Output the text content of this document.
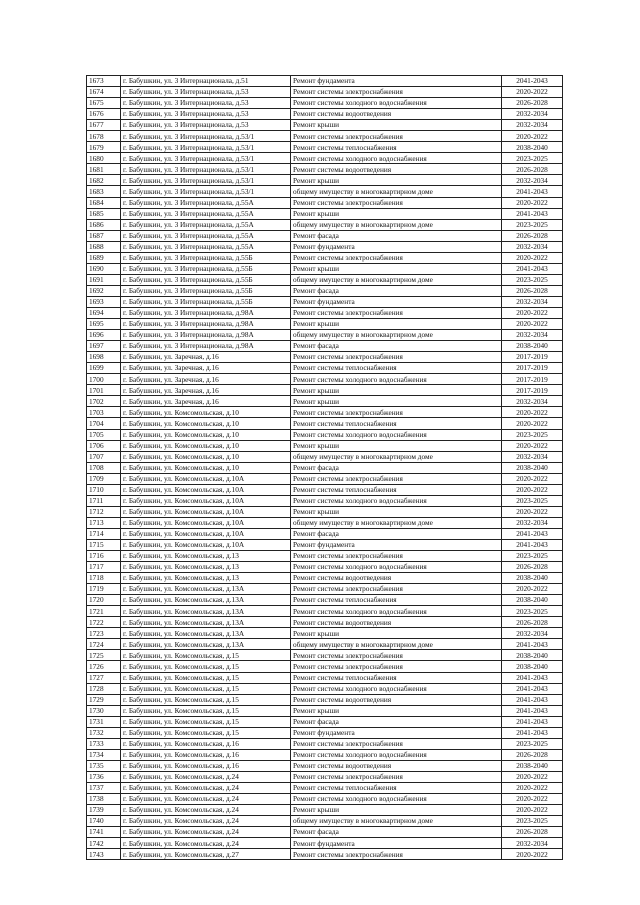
1673	г. Бабушкин, ул. 3 Интернационала, д.51	Ремонт фундамента	2041-2043
1674	г. Бабушкин, ул. 3 Интернационала, д.53	Ремонт системы электроснабжения	2020-2022
1675	г. Бабушкин, ул. 3 Интернационала, д.53	Ремонт системы холодного водоснабжения	2026-2028
1676	г. Бабушкин, ул. 3 Интернационала, д.53	Ремонт системы водоотведения	2032-2034
1677	г. Бабушкин, ул. 3 Интернационала, д.53	Ремонт крыши	2032-2034
1678	г. Бабушкин, ул. 3 Интернационала, д.53/1	Ремонт системы электроснабжения	2020-2022
1679	г. Бабушкин, ул. 3 Интернационала, д.53/1	Ремонт системы теплоснабжения	2038-2040
1680	г. Бабушкин, ул. 3 Интернационала, д.53/1	Ремонт системы холодного водоснабжения	2023-2025
1681	г. Бабушкин, ул. 3 Интернационала, д.53/1	Ремонт системы водоотведения	2026-2028
1682	г. Бабушкин, ул. 3 Интернационала, д.53/1	Ремонт крыши	2032-2034
1683	г. Бабушкин, ул. 3 Интернационала, д.53/1	общему имуществу в многоквартирном доме	2041-2043
1684	г. Бабушкин, ул. 3 Интернационала, д.55А	Ремонт системы электроснабжения	2020-2022
1685	г. Бабушкин, ул. 3 Интернационала, д.55А	Ремонт крыши	2041-2043
1686	г. Бабушкин, ул. 3 Интернационала, д.55А	общему имуществу в многоквартирном доме	2023-2025
1687	г. Бабушкин, ул. 3 Интернационала, д.55А	Ремонт фасада	2026-2028
1688	г. Бабушкин, ул. 3 Интернационала, д.55А	Ремонт фундамента	2032-2034
1689	г. Бабушкин, ул. 3 Интернационала, д.55Б	Ремонт системы электроснабжения	2020-2022
1690	г. Бабушкин, ул. 3 Интернационала, д.55Б	Ремонт крыши	2041-2043
1691	г. Бабушкин, ул. 3 Интернационала, д.55Б	общему имуществу в многоквартирном доме	2023-2025
1692	г. Бабушкин, ул. 3 Интернационала, д.55Б	Ремонт фасада	2026-2028
1693	г. Бабушкин, ул. 3 Интернационала, д.55Б	Ремонт фундамента	2032-2034
1694	г. Бабушкин, ул. 3 Интернационала, д.98А	Ремонт системы электроснабжения	2020-2022
1695	г. Бабушкин, ул. 3 Интернационала, д.98А	Ремонт крыши	2020-2022
1696	г. Бабушкин, ул. 3 Интернационала, д.98А	общему имуществу в многоквартирном доме	2032-2034
1697	г. Бабушкин, ул. 3 Интернационала, д.98А	Ремонт фасада	2038-2040
1698	г. Бабушкин, ул. Заречная, д.16	Ремонт системы электроснабжения	2017-2019
1699	г. Бабушкин, ул. Заречная, д.16	Ремонт системы теплоснабжения	2017-2019
1700	г. Бабушкин, ул. Заречная, д.16	Ремонт системы холодного водоснабжения	2017-2019
1701	г. Бабушкин, ул. Заречная, д.16	Ремонт крыши	2017-2019
1702	г. Бабушкин, ул. Заречная, д.16	Ремонт крыши	2032-2034
1703	г. Бабушкин, ул. Комсомольская, д.10	Ремонт системы электроснабжения	2020-2022
1704	г. Бабушкин, ул. Комсомольская, д.10	Ремонт системы теплоснабжения	2020-2022
1705	г. Бабушкин, ул. Комсомольская, д.10	Ремонт системы холодного водоснабжения	2023-2025
1706	г. Бабушкин, ул. Комсомольская, д.10	Ремонт крыши	2020-2022
1707	г. Бабушкин, ул. Комсомольская, д.10	общему имуществу в многоквартирном доме	2032-2034
1708	г. Бабушкин, ул. Комсомольская, д.10	Ремонт фасада	2038-2040
1709	г. Бабушкин, ул. Комсомольская, д.10А	Ремонт системы электроснабжения	2020-2022
1710	г. Бабушкин, ул. Комсомольская, д.10А	Ремонт системы теплоснабжения	2020-2022
1711	г. Бабушкин, ул. Комсомольская, д.10А	Ремонт системы холодного водоснабжения	2023-2025
1712	г. Бабушкин, ул. Комсомольская, д.10А	Ремонт крыши	2020-2022
1713	г. Бабушкин, ул. Комсомольская, д.10А	общему имуществу в многоквартирном доме	2032-2034
1714	г. Бабушкин, ул. Комсомольская, д.10А	Ремонт фасада	2041-2043
1715	г. Бабушкин, ул. Комсомольская, д.10А	Ремонт фундамента	2041-2043
1716	г. Бабушкин, ул. Комсомольская, д.13	Ремонт системы электроснабжения	2023-2025
1717	г. Бабушкин, ул. Комсомольская, д.13	Ремонт системы холодного водоснабжения	2026-2028
1718	г. Бабушкин, ул. Комсомольская, д.13	Ремонт системы водоотведения	2038-2040
1719	г. Бабушкин, ул. Комсомольская, д.13А	Ремонт системы электроснабжения	2020-2022
1720	г. Бабушкин, ул. Комсомольская, д.13А	Ремонт системы теплоснабжения	2038-2040
1721	г. Бабушкин, ул. Комсомольская, д.13А	Ремонт системы холодного водоснабжения	2023-2025
1722	г. Бабушкин, ул. Комсомольская, д.13А	Ремонт системы водоотведения	2026-2028
1723	г. Бабушкин, ул. Комсомольская, д.13А	Ремонт крыши	2032-2034
1724	г. Бабушкин, ул. Комсомольская, д.13А	общему имуществу в многоквартирном доме	2041-2043
1725	г. Бабушкин, ул. Комсомольская, д.15	Ремонт системы электроснабжения	2038-2040
1726	г. Бабушкин, ул. Комсомольская, д.15	Ремонт системы электроснабжения	2038-2040
1727	г. Бабушкин, ул. Комсомольская, д.15	Ремонт системы теплоснабжения	2041-2043
1728	г. Бабушкин, ул. Комсомольская, д.15	Ремонт системы холодного водоснабжения	2041-2043
1729	г. Бабушкин, ул. Комсомольская, д.15	Ремонт системы водоотведения	2041-2043
1730	г. Бабушкин, ул. Комсомольская, д.15	Ремонт крыши	2041-2043
1731	г. Бабушкин, ул. Комсомольская, д.15	Ремонт фасада	2041-2043
1732	г. Бабушкин, ул. Комсомольская, д.15	Ремонт фундамента	2041-2043
1733	г. Бабушкин, ул. Комсомольская, д.16	Ремонт системы электроснабжения	2023-2025
1734	г. Бабушкин, ул. Комсомольская, д.16	Ремонт системы холодного водоснабжения	2026-2028
1735	г. Бабушкин, ул. Комсомольская, д.16	Ремонт системы водоотведения	2038-2040
1736	г. Бабушкин, ул. Комсомольская, д.24	Ремонт системы электроснабжения	2020-2022
1737	г. Бабушкин, ул. Комсомольская, д.24	Ремонт системы теплоснабжения	2020-2022
1738	г. Бабушкин, ул. Комсомольская, д.24	Ремонт системы холодного водоснабжения	2020-2022
1739	г. Бабушкин, ул. Комсомольская, д.24	Ремонт крыши	2020-2022
1740	г. Бабушкин, ул. Комсомольская, д.24	общему имуществу в многоквартирном доме	2023-2025
1741	г. Бабушкин, ул. Комсомольская, д.24	Ремонт фасада	2026-2028
1742	г. Бабушкин, ул. Комсомольская, д.24	Ремонт фундамента	2032-2034
1743	г. Бабушкин, ул. Комсомольская, д.27	Ремонт системы электроснабжения	2020-2022
